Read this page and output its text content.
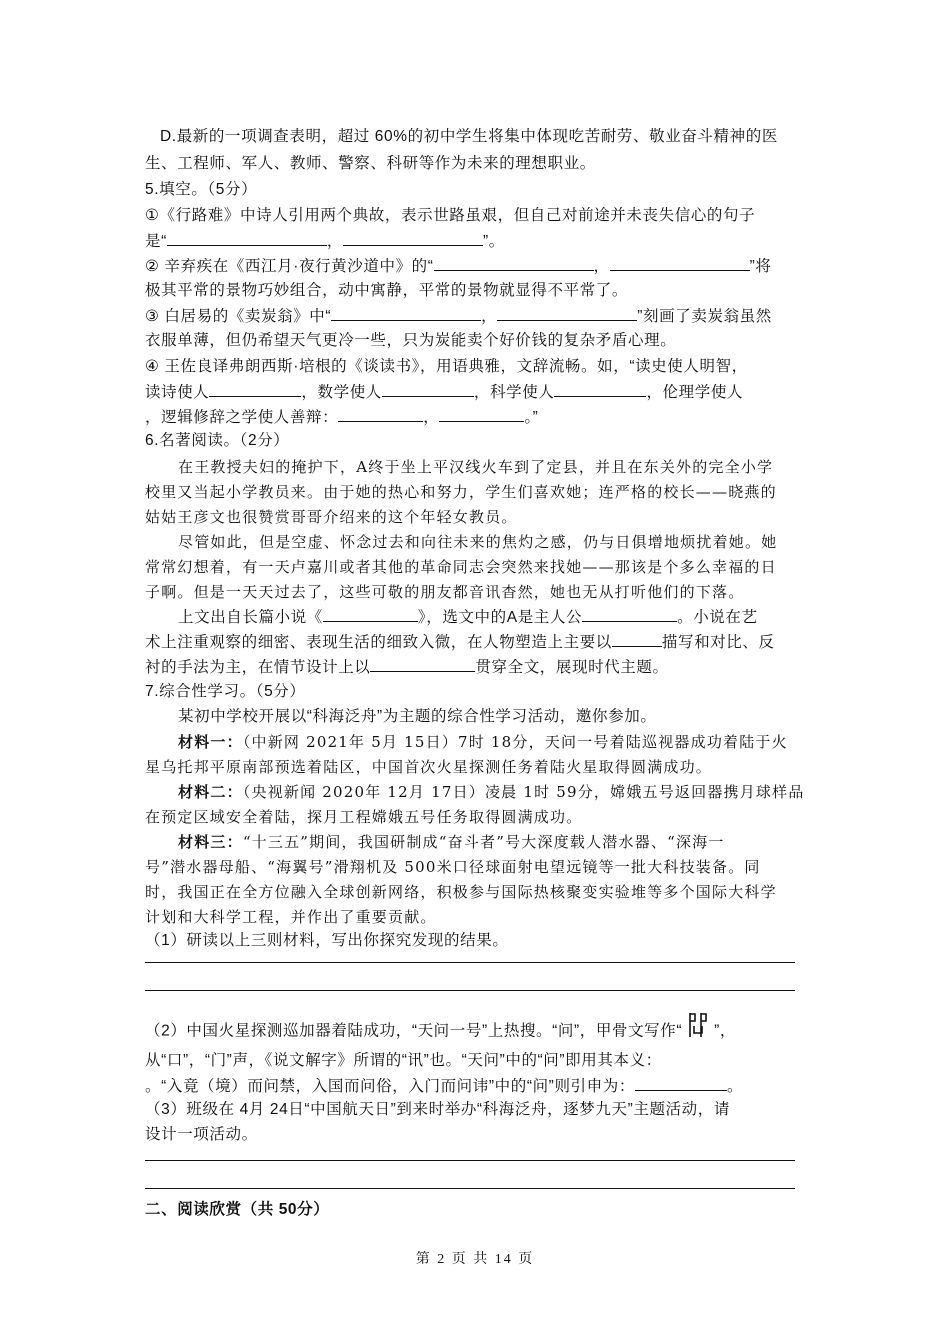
D.最新的一项调查表明，超过 60%的初中学生将集中体现吃苦耐劳、敬业奋斗精神的医
生、工程师、军人、教师、警察、科研等作为未来的理想职业。
5.填空。（5分）
①《行路难》中诗人引用两个典故，表示世路虽艰，但自己对前途并未丧失信心的句子
是“	，	”。
② 辛弃疾在《西江月·夜行黄沙道中》的“	，	”将
极其平常的景物巧妙组合，动中寓静，平常的景物就显得不平常了。
③ 白居易的《卖炭翁》中“	，	”刻画了卖炭翁虽然
衣服单薄，但仍希望天气更冷一些，只为炭能卖个好价钱的复杂矛盾心理。
④ 王佐良译弗朗西斯·培根的《谈读书》，用语典雅，文辞流畅。如，“读史使人明智，
读诗使人	，数学使人	，科学使人	，伦理学使人
，逻辑修辞之学使人善辩：	，	。”
6.名著阅读。（2分）
在王教授夫妇的掩护下，A终于坐上平汉线火车到了定县，并且在东关外的完全小学
校里又当起小学教员来。由于她的热心和努力，学生们喜欢她；连严格的校长——晓燕的
姑姑王彦文也很赞赏哥哥介绍来的这个年轻女教员。
尽管如此，但是空虚、怀念过去和向往未来的焦灼之感，仍与日俱增地烦扰着她。她
常常幻想着，有一天卢嘉川或者其他的革命同志会突然来找她——那该是个多么幸福的日
子啊。但是一天天过去了，这些可敬的朋友都音讯杳然，她也无从打听他们的下落。
上文出自长篇小说《	》，选文中的A是主人公	。小说在艺
术上注重观察的细密、表现生活的细致入微，在人物塑造上主要以	描写和对比、反
衬的手法为主，在情节设计上以	贯穿全文，展现时代主题。
7.综合性学习。（5分）
某初中学校开展以“科海泛舟”为主题的综合性学习活动，邀你参加。
材料一：（中新网 2021年 5月 15日）7时 18分，天问一号着陆巡视器成功着陆于火
星乌托邦平原南部预选着陆区，中国首次火星探测任务着陆火星取得圆满成功。
材料二：（央视新闻 2020年 12月 17日）凌晨 1时 59分，嫦娥五号返回器携月球样品
在预定区域安全着陆，探月工程嫦娥五号任务取得圆满成功。
材料三：“十三五”期间，我国研制成“奋斗者”号大深度载人潜水器、“深海一
号”潜水器母船、“海翼号”滑翔机及 500米口径球面射电望远镜等一批大科技装备。同
时，我国正在全方位融入全球创新网络，积极参与国际热核聚变实验堆等多个国际大科学
计划和大科学工程，并作出了重要贡献。
（1）研读以上三则材料，写出你探究发现的结果。
（2）中国火星探测巡加器着陆成功，“天问一号”上热搜。“问”，甲骨文写作“ ”，
从“口”，“门”声，《说文解字》所谓的“讯”也。“天问”中的“问”即用其本义：
。“入竟（境）而问禁，入国而问俗，入门而问讳”中的“问”则引申为：	。
（3）班级在 4月 24日“中国航天日”到来时举办“科海泛舟，逐梦九天”主题活动，请
设计一项活动。
二、阅读欣赏（共 50分）
第 2 页 共 14 页
